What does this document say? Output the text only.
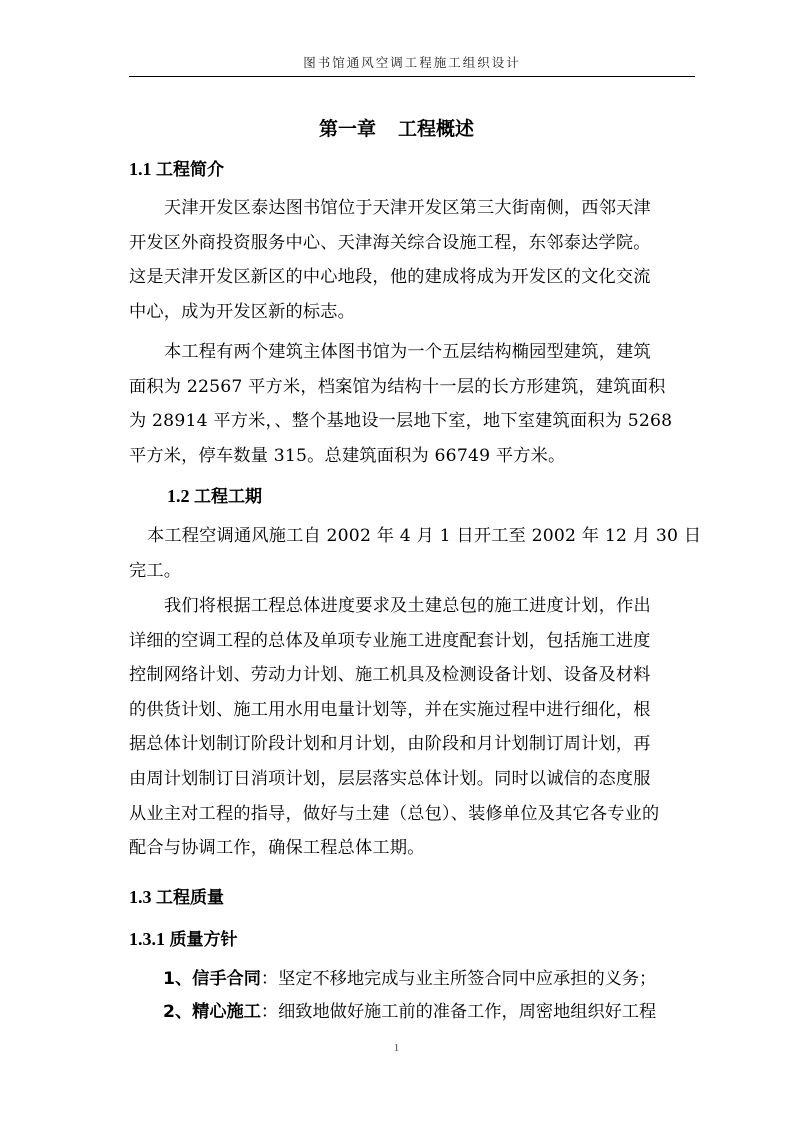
图书馆通风空调工程施工组织设计
第一章 工程概述
1.1 工程简介
天津开发区泰达图书馆位于天津开发区第三大街南侧，西邻天津
开发区外商投资服务中心、天津海关综合设施工程，东邻泰达学院。
这是天津开发区新区的中心地段，他的建成将成为开发区的文化交流
中心，成为开发区新的标志。
本工程有两个建筑主体图书馆为一个五层结构椭园型建筑，建筑
面积为 22567 平方米，档案馆为结构十一层的长方形建筑，建筑面积
为 28914 平方米，、整个基地设一层地下室，地下室建筑面积为 5268
平方米，停车数量 315。总建筑面积为 66749 平方米。
1.2 工程工期
本工程空调通风施工自 2002 年 4 月 1 日开工至 2002 年 12 月 30 日
完工。
我们将根据工程总体进度要求及土建总包的施工进度计划，作出
详细的空调工程的总体及单项专业施工进度配套计划，包括施工进度
控制网络计划、劳动力计划、施工机具及检测设备计划、设备及材料
的供货计划、施工用水用电量计划等，并在实施过程中进行细化，根
据总体计划制订阶段计划和月计划，由阶段和月计划制订周计划，再
由周计划制订日消项计划，层层落实总体计划。同时以诚信的态度服
从业主对工程的指导，做好与土建（总包）、装修单位及其它各专业的
配合与协调工作，确保工程总体工期。
1.3 工程质量
1.3.1 质量方针
1、信手合同：坚定不移地完成与业主所签合同中应承担的义务；
2、精心施工：细致地做好施工前的准备工作，周密地组织好工程
1
